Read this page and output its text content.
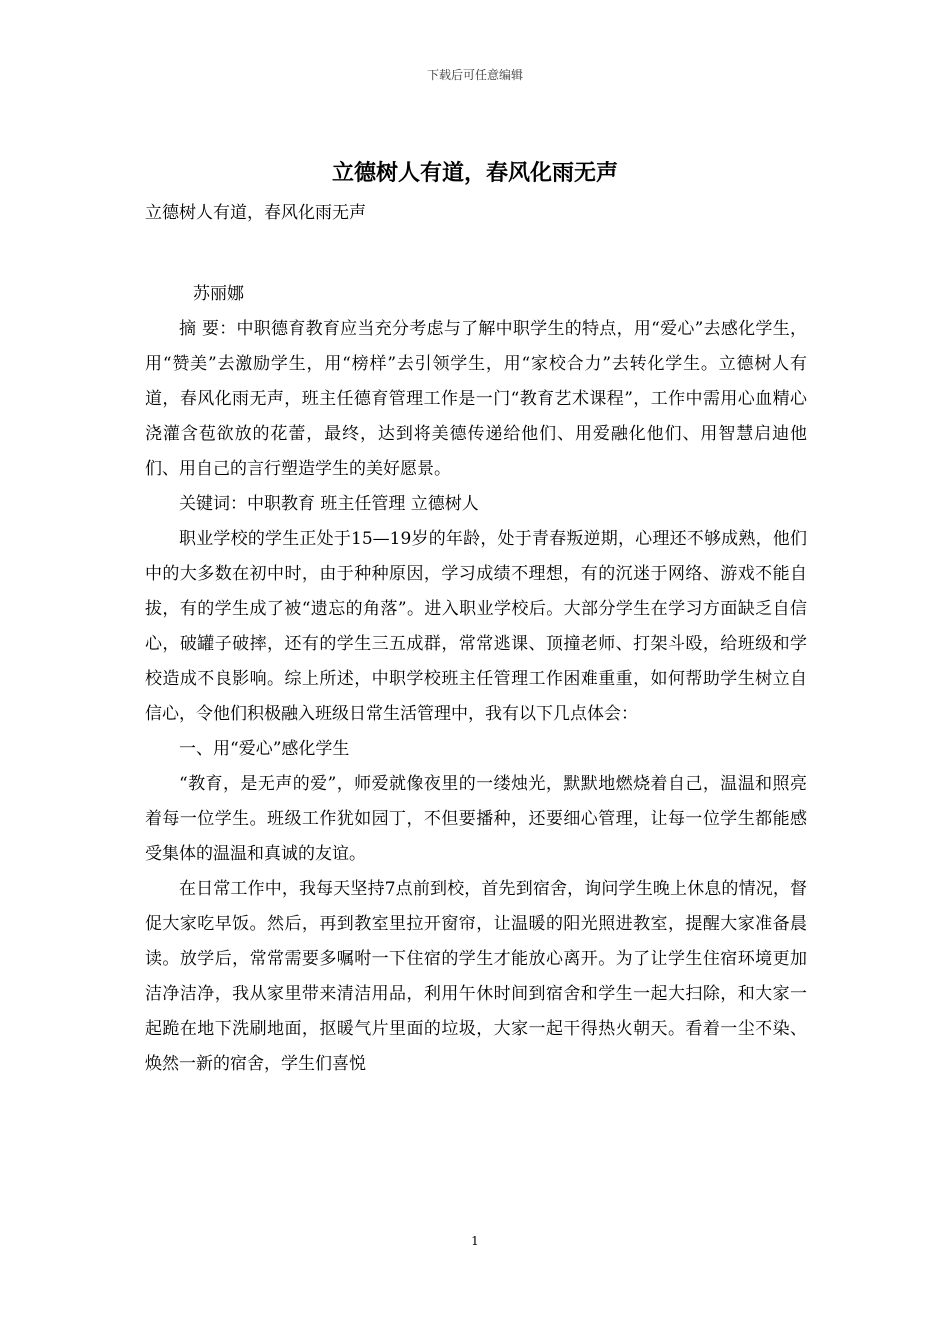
下载后可任意编辑
立德树人有道，春风化雨无声

立德树人有道，春风化雨无声

苏丽娜

摘 要：中职德育教育应当充分考虑与了解中职学生的特点，用“爱心”去感化学生，用“赞美”去激励学生，用“榜样”去引领学生，用“家校合力”去转化学生。立德树人有道，春风化雨无声，班主任德育管理工作是一门“教育艺术课程”，工作中需用心血精心浇灌含苞欲放的花蕾，最终，达到将美德传递给他们、用爱融化他们、用智慧启迪他们、用自己的言行塑造学生的美好愿景。

关键词：中职教育 班主任管理 立德树人

职业学校的学生正处于15—19岁的年龄，处于青春叛逆期，心理还不够成熟，他们中的大多数在初中时，由于种种原因，学习成绩不理想，有的沉迷于网络、游戏不能自拔，有的学生成了被“遗忘的角落”。进入职业学校后。大部分学生在学习方面缺乏自信心，破罐子破摔，还有的学生三五成群，常常逃课、顶撞老师、打架斗殴，给班级和学校造成不良影响。综上所述，中职学校班主任管理工作困难重重，如何帮助学生树立自信心，令他们积极融入班级日常生活管理中，我有以下几点体会：

一、用“爱心”感化学生

“教育，是无声的爱”，师爱就像夜里的一缕烛光，默默地燃烧着自己，温温和照亮着每一位学生。班级工作犹如园丁，不但要播种，还要细心管理，让每一位学生都能感受集体的温温和真诚的友谊。

在日常工作中，我每天坚持7点前到校，首先到宿舍，询问学生晚上休息的情况，督促大家吃早饭。然后，再到教室里拉开窗帘，让温暖的阳光照进教室，提醒大家准备晨读。放学后，常常需要多嘱咐一下住宿的学生才能放心离开。为了让学生住宿环境更加洁净洁净，我从家里带来清洁用品，利用午休时间到宿舍和学生一起大扫除，和大家一起跪在地下洗刷地面，抠暖气片里面的垃圾，大家一起干得热火朝天。看着一尘不染、焕然一新的宿舍，学生们喜悦

1
